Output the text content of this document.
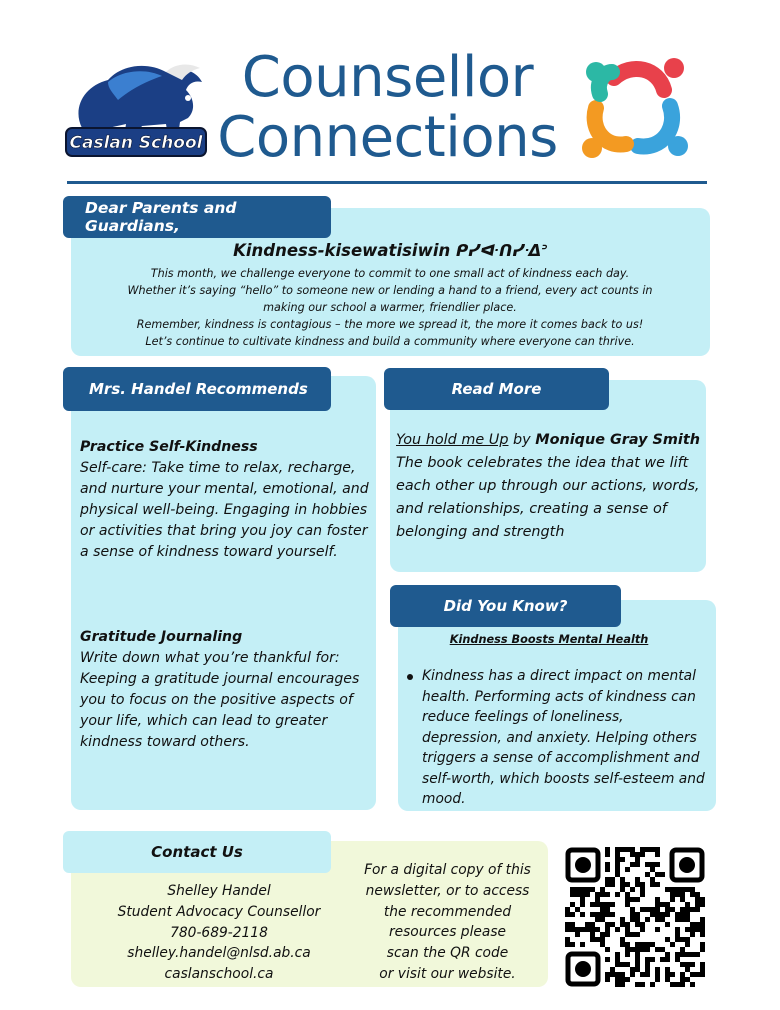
Caslan School
Counsellor
Connections
Dear Parents and Guardians,
Kindness-kisewatisiwin ᑭᓯᐘᑎᓯᐎᐣ
This month, we challenge everyone to commit to one small act of kindness each day.
Whether it’s saying “hello” to someone new or lending a hand to a friend, every act counts in
making our school a warmer, friendlier place.
Remember, kindness is contagious – the more we spread it, the more it comes back to us!
Let’s continue to cultivate kindness and build a community where everyone can thrive.
Mrs. Handel Recommends
Practice Self-Kindness
Self-care: Take time to relax, recharge, and nurture your mental, emotional, and physical well-being. Engaging in hobbies or activities that bring you joy can foster a sense of kindness toward yourself.
Gratitude Journaling
Write down what you’re thankful for: Keeping a gratitude journal encourages you to focus on the positive aspects of your life, which can lead to greater kindness toward others.
Read More
You hold me Up by Monique Gray Smith The book celebrates the idea that we lift each other up through our actions, words, and relationships, creating a sense of belonging and strength
Did You Know?
Kindness Boosts Mental Health
Kindness has a direct impact on mental health. Performing acts of kindness can reduce feelings of loneliness, depression, and anxiety. Helping others triggers a sense of accomplishment and self-worth, which boosts self-esteem and mood.
Contact Us
Shelley Handel
Student Advocacy Counsellor
780-689-2118
shelley.handel@nlsd.ab.ca
caslanschool.ca
For a digital copy of this
newsletter, or to access
the recommended
resources please
scan the QR code
or visit our website.
